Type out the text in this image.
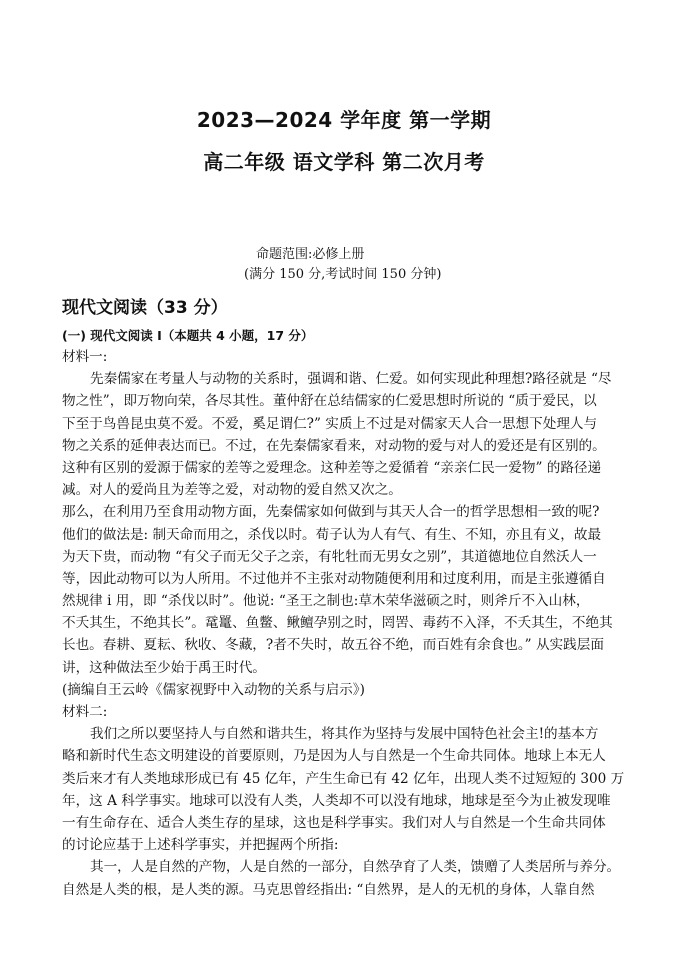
2023—2024 学年度 第一学期
高二年级 语文学科 第二次月考
命题范围:必修上册
(满分 150 分,考试时间 150 分钟)
现代文阅读（33 分）
(一) 现代文阅读 I（本题共 4 小题，17 分）
材料一:
先秦儒家在考量人与动物的关系时，强调和谐、仁爱。如何实现此种理想?路径就是 “尽
物之性”，即万物向荣，各尽其性。董仲舒在总结儒家的仁爱思想时所说的 “质于爱民，以
下至于鸟兽昆虫莫不爱。不爱，奚足谓仁?” 实质上不过是对儒家天人合一思想下处理人与
物之关系的延伸表达而已。不过，在先秦儒家看来，对动物的爱与对人的爱还是有区别的。
这种有区别的爱源于儒家的差等之爱理念。这种差等之爱循着 “亲亲仁民一爱物” 的路径递
减。对人的爱尚且为差等之爱，对动物的爱自然又次之。
那么，在利用乃至食用动物方面，先秦儒家如何做到与其天人合一的哲学思想相一致的呢?
他们的做法是: 制天命而用之，杀伐以时。荀子认为人有气、有生、不知，亦且有义，故最
为天下贵，而动物 “有父子而无父子之亲，有牝牡而无男女之别”，其道德地位自然沃人一
等，因此动物可以为人所用。不过他并不主张对动物随便利用和过度利用，而是主张遵循自
然规律 i 用，即 “杀伐以时”。他说: “圣王之制也:草木荣华滋硕之时，则斧斤不入山林，
不夭其生，不绝其长”。鼋鼍、鱼鳖、鳅鳣孕别之时，罔罟、毒药不入泽，不夭其生，不绝其
长也。春耕、夏耘、秋收、冬藏，?者不失时，故五谷不绝，而百姓有余食也。” 从实践层面
讲，这种做法至少始于禹王时代。
(摘编自王云岭《儒家视野中入动物的关系与启示》)
材料二:
我们之所以要坚持人与自然和谐共生，将其作为坚持与发展中国特色社会主!的基本方
略和新时代生态文明建设的首要原则，乃是因为人与自然是一个生命共同体。地球上本无人
类后来才有人类地球形成已有 45 亿年，产生生命已有 42 亿年，出现人类不过短短的 300 万
年，这 A 科学事实。地球可以没有人类，人类却不可以没有地球，地球是至今为止被发现唯
一有生命存在、适合人类生存的星球，这也是科学事实。我们对人与自然是一个生命共同体
的讨论应基于上述科学事实，并把握两个所指:
其一，人是自然的产物，人是自然的一部分，自然孕育了人类，馈赠了人类居所与养分。
自然是人类的根，是人类的源。马克思曾经指出: “自然界，是人的无机的身体，人靠自然
